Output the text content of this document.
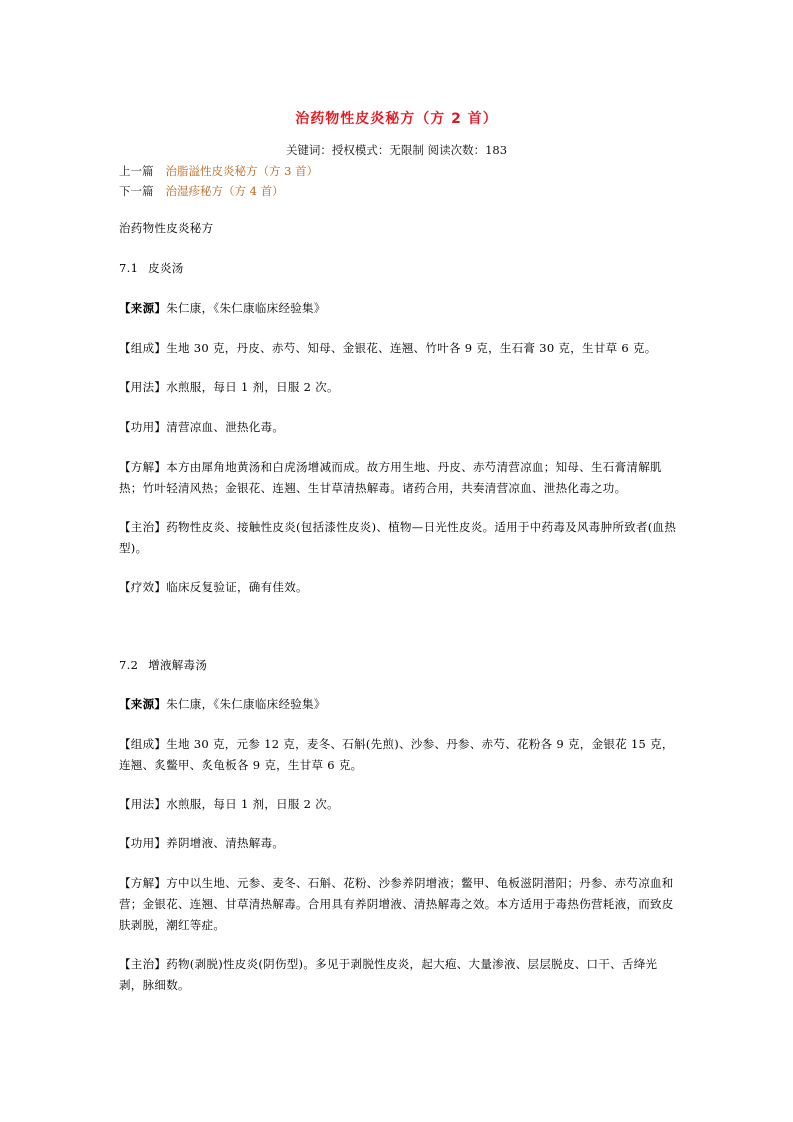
治药物性皮炎秘方（方 2 首）
关键词：授权模式：无限制 阅读次数：183
上一篇 治脂溢性皮炎秘方（方 3 首）
下一篇 治湿疹秘方（方 4 首）
治药物性皮炎秘方
7.1 皮炎汤
【来源】朱仁康，《朱仁康临床经验集》
【组成】生地 30 克，丹皮、赤芍、知母、金银花、连翘、竹叶各 9 克，生石膏 30 克，生甘草 6 克。
【用法】水煎服，每日 1 剂，日服 2 次。
【功用】清营凉血、泄热化毒。
【方解】本方由犀角地黄汤和白虎汤增减而成。故方用生地、丹皮、赤芍清营凉血；知母、生石膏清解肌热；竹叶轻清风热；金银花、连翘、生甘草清热解毒。诸药合用，共奏清营凉血、泄热化毒之功。
【主治】药物性皮炎、接触性皮炎(包括漆性皮炎)、植物—日光性皮炎。适用于中药毒及风毒肿所致者(血热型)。
【疗效】临床反复验证，确有佳效。
7.2 增液解毒汤
【来源】朱仁康，《朱仁康临床经验集》
【组成】生地 30 克，元参 12 克，麦冬、石斛(先煎)、沙参、丹参、赤芍、花粉各 9 克，金银花 15 克，连翘、炙鳖甲、炙龟板各 9 克，生甘草 6 克。
【用法】水煎服，每日 1 剂，日服 2 次。
【功用】养阴增液、清热解毒。
【方解】方中以生地、元参、麦冬、石斛、花粉、沙参养阴增液；鳖甲、龟板滋阴潜阳；丹参、赤芍凉血和营；金银花、连翘、甘草清热解毒。合用具有养阴增液、清热解毒之效。本方适用于毒热伤营耗液，而致皮肤剥脱，潮红等症。
【主治】药物(剥脱)性皮炎(阴伤型)。多见于剥脱性皮炎，起大疱、大量渗液、层层脱皮、口干、舌绛光剥，脉细数。
